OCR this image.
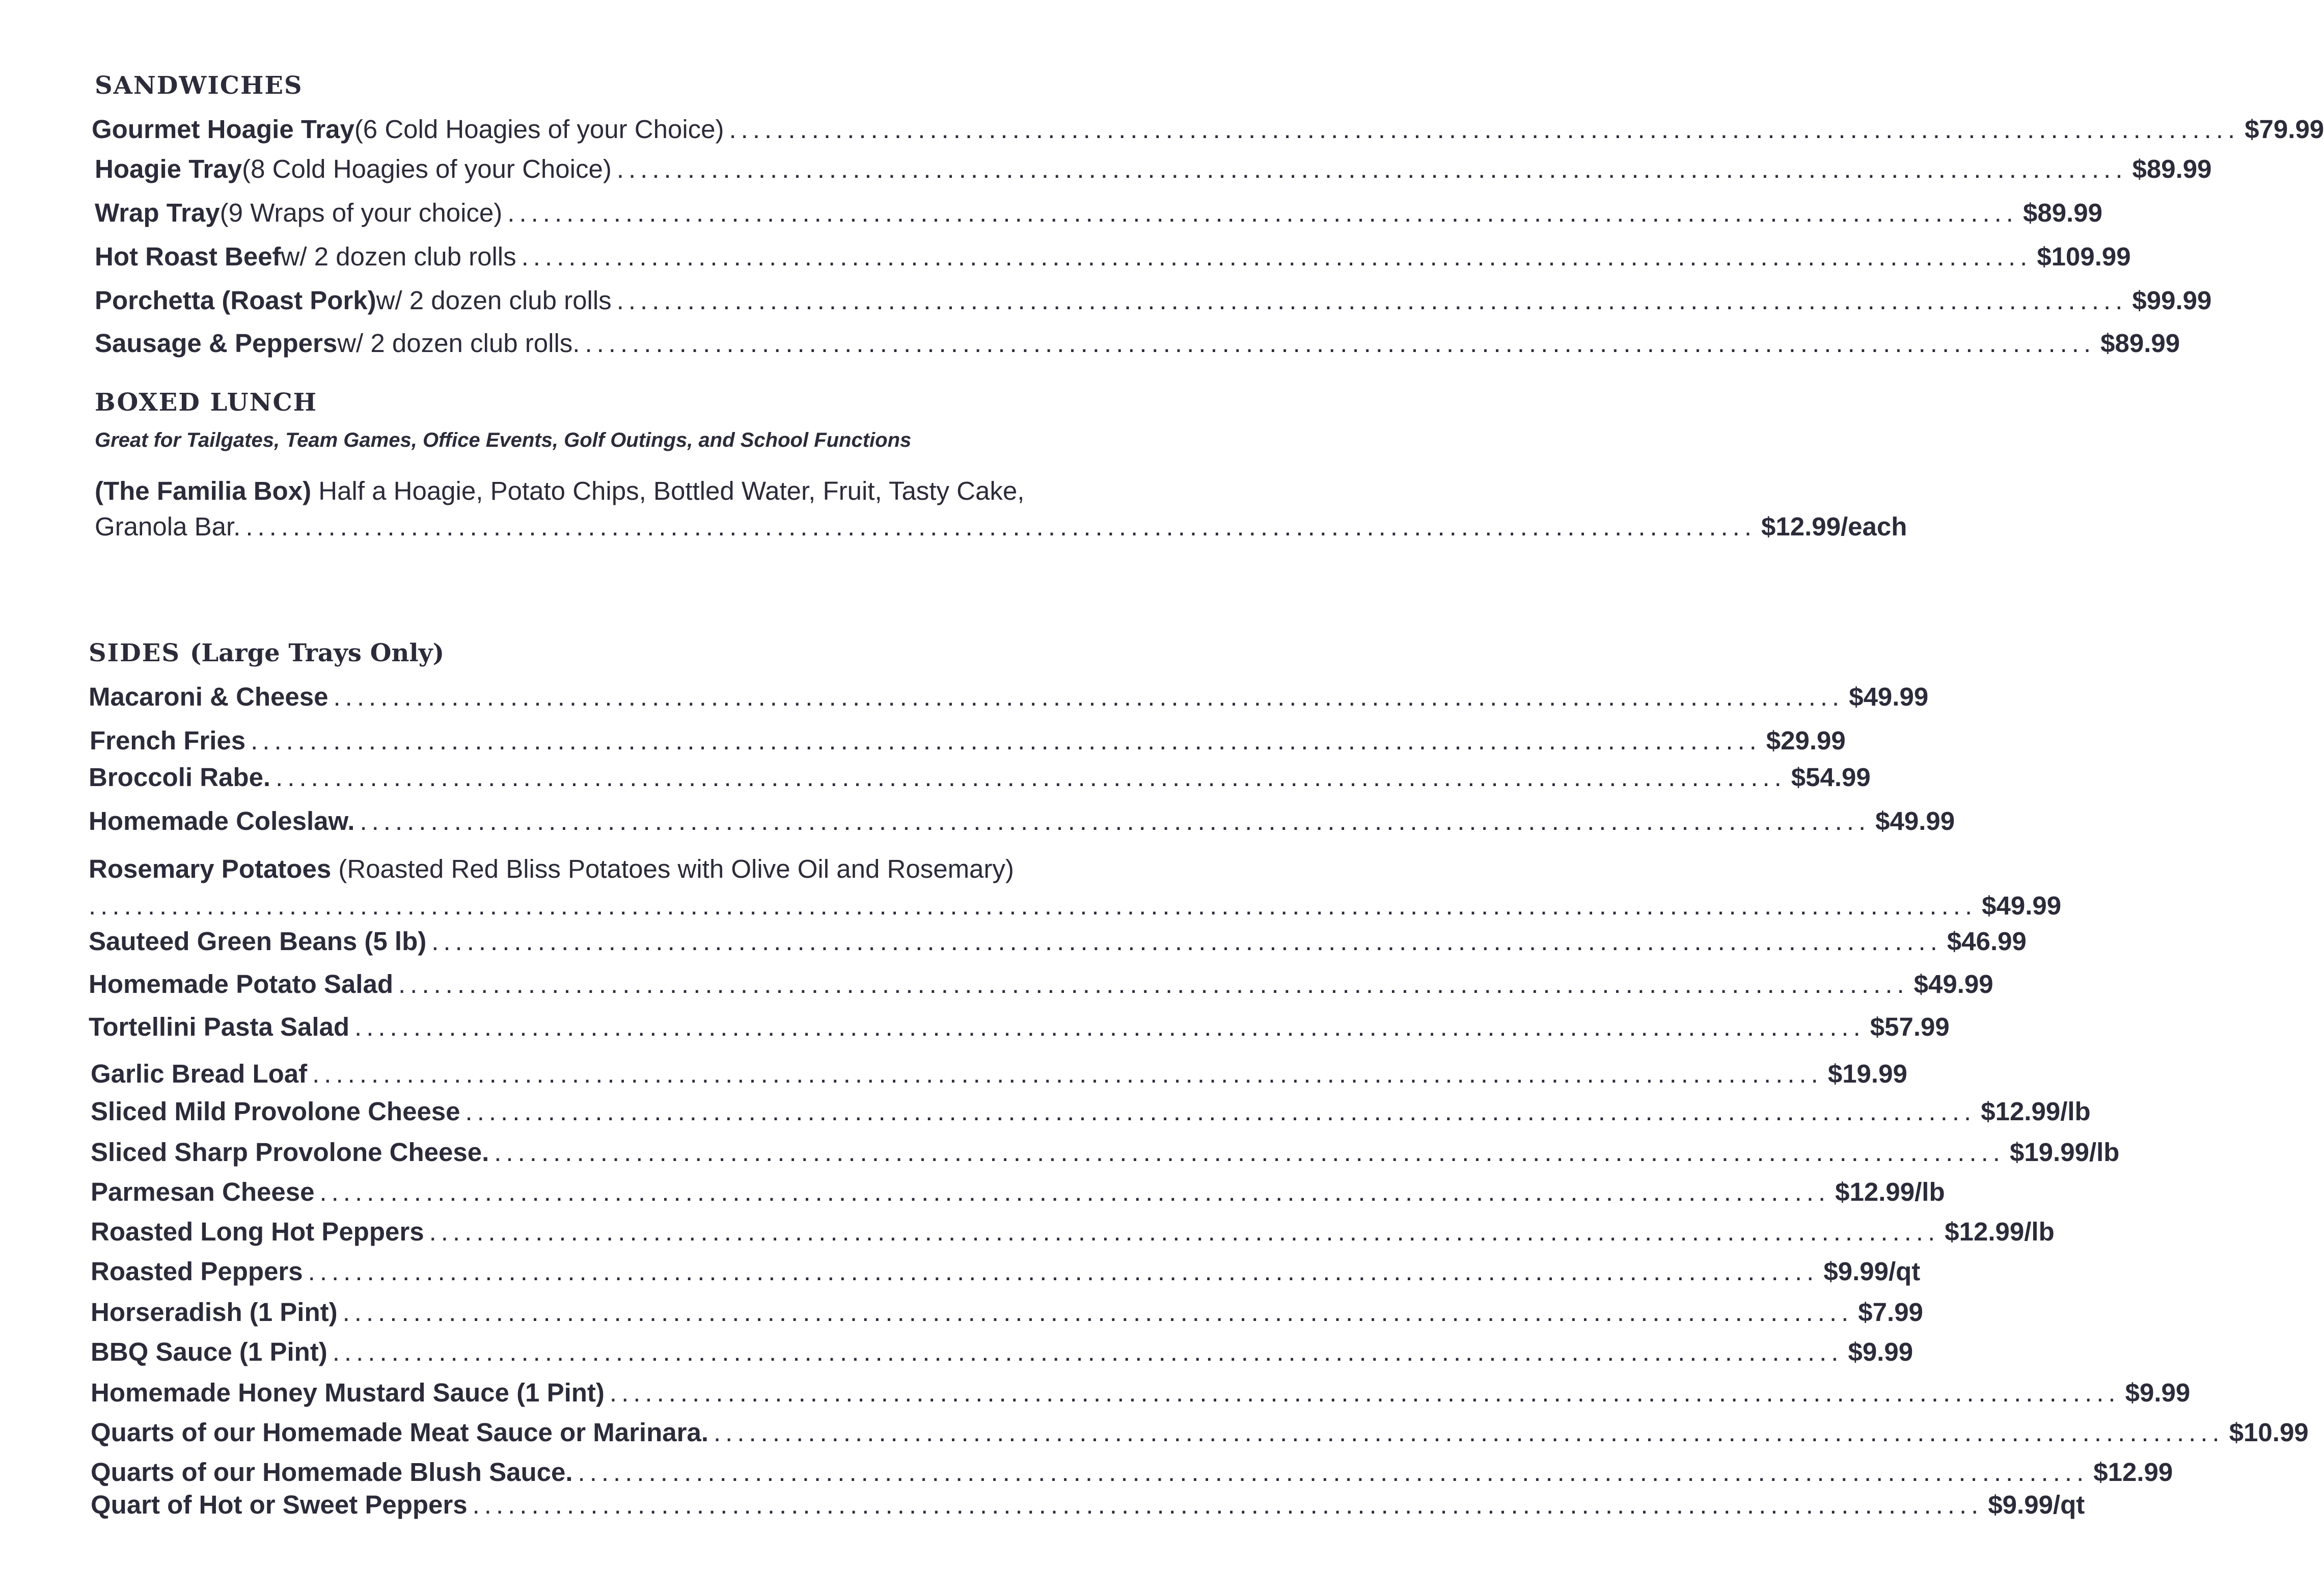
SANDWICHES
Gourmet Hoagie Tray (6 Cold Hoagies of your Choice) ................................................................................................................................ $79.99
Hoagie Tray (8 Cold Hoagies of your Choice) ................................................................................................................................ $89.99
Wrap Tray (9 Wraps of your choice) ................................................................................................................................ $89.99
Hot Roast Beef w/ 2 dozen club rolls ................................................................................................................................ $109.99
Porchetta (Roast Pork) w/ 2 dozen club rolls ................................................................................................................................ $99.99
Sausage & Peppers w/ 2 dozen club rolls. ................................................................................................................................ $89.99
BOXED LUNCH
Great for Tailgates, Team Games, Office Events, Golf Outings, and School Functions
(The Familia Box) Half a Hoagie, Potato Chips, Bottled Water, Fruit, Tasty Cake,
Granola Bar. ................................................................................................................................ $12.99/each
SIDES (Large Trays Only)
Macaroni & Cheese ................................................................................................................................ $49.99
French Fries ................................................................................................................................ $29.99
Broccoli Rabe. ................................................................................................................................ $54.99
Homemade Coleslaw. ................................................................................................................................ $49.99
Rosemary Potatoes (Roasted Red Bliss Potatoes with Olive Oil and Rosemary)
................................................................................................................................................................ $49.99
Sauteed Green Beans (5 lb) ................................................................................................................................ $46.99
Homemade Potato Salad ................................................................................................................................ $49.99
Tortellini Pasta Salad ................................................................................................................................ $57.99
Garlic Bread Loaf ................................................................................................................................ $19.99
Sliced Mild Provolone Cheese ................................................................................................................................ $12.99/lb
Sliced Sharp Provolone Cheese. ................................................................................................................................ $19.99/lb
Parmesan Cheese ................................................................................................................................ $12.99/lb
Roasted Long Hot Peppers ................................................................................................................................ $12.99/lb
Roasted Peppers ................................................................................................................................ $9.99/qt
Horseradish (1 Pint) ................................................................................................................................ $7.99
BBQ Sauce (1 Pint) ................................................................................................................................ $9.99
Homemade Honey Mustard Sauce (1 Pint) ................................................................................................................................ $9.99
Quarts of our Homemade Meat Sauce or Marinara. ................................................................................................................................ $10.99
Quarts of our Homemade Blush Sauce. ................................................................................................................................ $12.99
Quart of Hot or Sweet Peppers ................................................................................................................................ $9.99/qt
